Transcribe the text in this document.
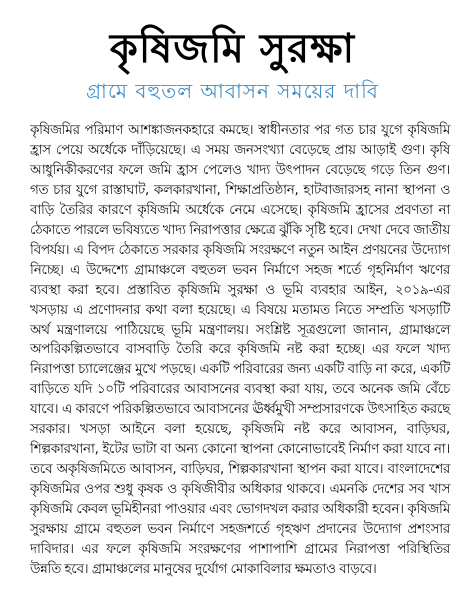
কৃষিজমি সুরক্ষা
গ্রামে বহুতল আবাসন সময়ের দাবি

কৃষিজমির পরিমাণ আশঙ্কাজনকহারে কমছে। স্বাধীনতার পর গত চার যুগে কৃষিজমি হ্রাস পেয়ে অর্ধেকে দাঁড়িয়েছে। এ সময় জনসংখ্যা বেড়েছে প্রায় আড়াই গুণ। কৃষি আধুনিকীকরণের ফলে জমি হ্রাস পেলেও খাদ্য উৎপাদন বেড়েছে গড়ে তিন গুণ। গত চার যুগে রাস্তাঘাট, কলকারখানা, শিক্ষাপ্রতিষ্ঠান, হাটবাজারসহ নানা স্থাপনা ও বাড়ি তৈরির কারণে কৃষিজমি অর্ধেকে নেমে এসেছে। কৃষিজমি হ্রাসের প্রবণতা না ঠেকাতে পারলে ভবিষ্যতে খাদ্য নিরাপত্তার ক্ষেত্রে ঝুঁকি সৃষ্টি হবে। দেখা দেবে জাতীয় বিপর্যয়। এ বিপদ ঠেকাতে সরকার কৃষিজমি সংরক্ষণে নতুন আইন প্রণয়নের উদ্যোগ নিচ্ছে। এ উদ্দেশ্যে গ্রামাঞ্চলে বহুতল ভবন নির্মাণে সহজ শর্তে গৃহনির্মাণ ঋণের ব্যবস্থা করা হবে। প্রস্তাবিত কৃষিজমি সুরক্ষা ও ভূমি ব্যবহার আইন, ২০১৯-এর খসড়ায় এ প্রণোদনার কথা বলা হয়েছে। এ বিষয়ে মতামত নিতে সম্প্রতি খসড়াটি অর্থ মন্ত্রণালয়ে পাঠিয়েছে ভূমি মন্ত্রণালয়। সংশ্লিষ্ট সূত্রগুলো জানান, গ্রামাঞ্চলে অপরিকল্পিতভাবে বাসবাড়ি তৈরি করে কৃষিজমি নষ্ট করা হচ্ছে। এর ফলে খাদ্য নিরাপত্তা চ্যালেঞ্জের মুখে পড়ছে। একটি পরিবারের জন্য একটি বাড়ি না করে, একটি বাড়িতে যদি ১০টি পরিবারের আবাসনের ব্যবস্থা করা যায়, তবে অনেক জমি বেঁচে যাবে। এ কারণে পরিকল্পিতভাবে আবাসনের ঊর্ধ্বমুখী সম্প্রসারণকে উৎসাহিত করছে সরকার। খসড়া আইনে বলা হয়েছে, কৃষিজমি নষ্ট করে আবাসন, বাড়িঘর, শিল্পকারখানা, ইটের ভাটা বা অন্য কোনো স্থাপনা কোনোভাবেই নির্মাণ করা যাবে না। তবে অকৃষিজমিতে আবাসন, বাড়িঘর, শিল্পকারখানা স্থাপন করা যাবে। বাংলাদেশের কৃষিজমির ওপর শুধু কৃষক ও কৃষিজীবীর অধিকার থাকবে। এমনকি দেশের সব খাস কৃষিজমি কেবল ভূমিহীনরা পাওয়ার এবং ভোগদখল করার অধিকারী হবেন। কৃষিজমি সুরক্ষায় গ্রামে বহুতল ভবন নির্মাণে সহজশর্তে গৃহঋণ প্রদানের উদ্যোগ প্রশংসার দাবিদার। এর ফলে কৃষিজমি সংরক্ষণের পাশাপাশি গ্রামের নিরাপত্তা পরিস্থিতির উন্নতি হবে। গ্রামাঞ্চলের মানুষের দুর্যোগ মোকাবিলার ক্ষমতাও বাড়বে।
